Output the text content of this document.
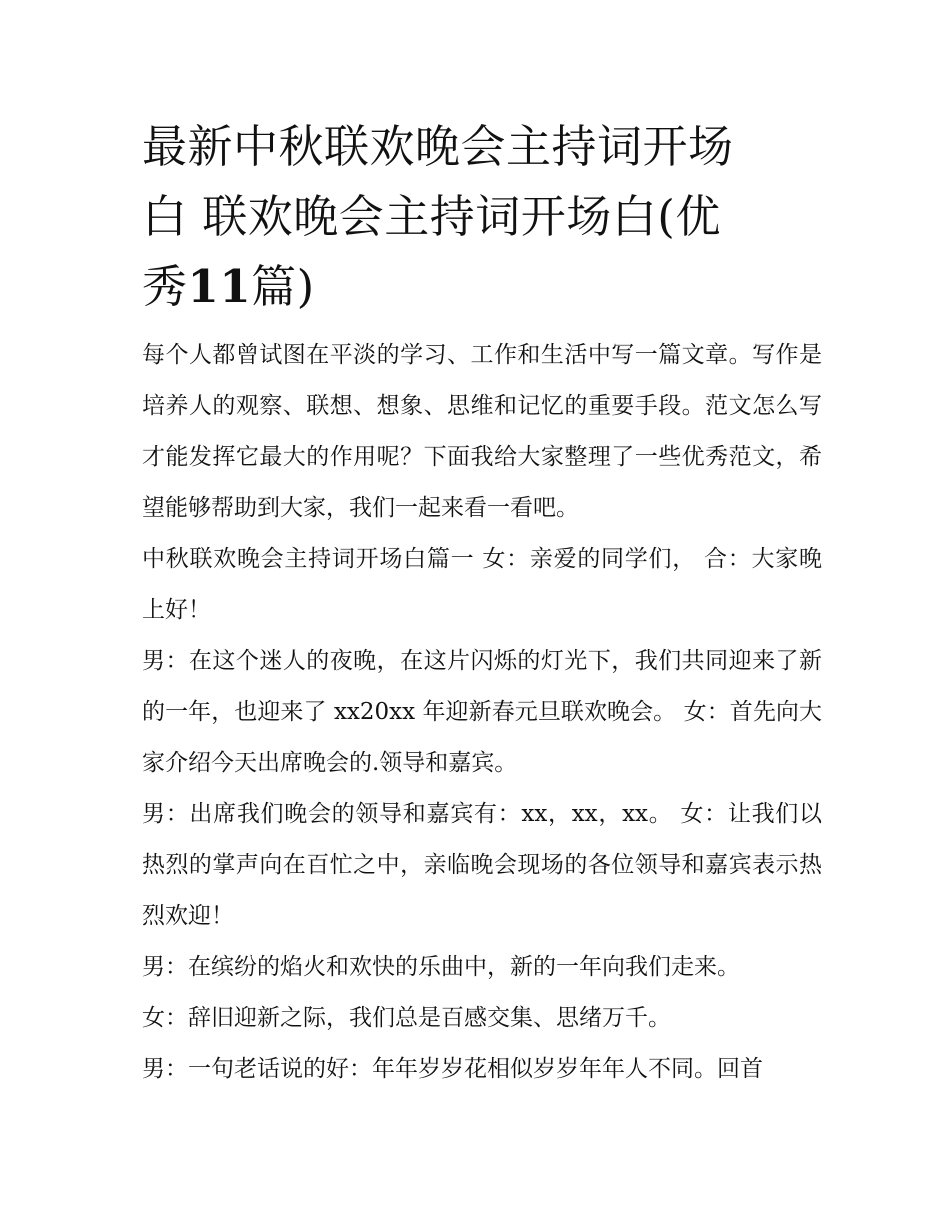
最新中秋联欢晚会主持词开场
白 联欢晚会主持词开场白(优
秀11篇)

每个人都曾试图在平淡的学习、工作和生活中写一篇文章。写作是培养人的观察、联想、想象、思维和记忆的重要手段。范文怎么写才能发挥它最大的作用呢？下面我给大家整理了一些优秀范文，希望能够帮助到大家，我们一起来看一看吧。

中秋联欢晚会主持词开场白篇一 女：亲爱的同学们， 合：大家晚上好！

男：在这个迷人的夜晚，在这片闪烁的灯光下，我们共同迎来了新的一年，也迎来了 xx20xx 年迎新春元旦联欢晚会。 女：首先向大家介绍今天出席晚会的.领导和嘉宾。

男：出席我们晚会的领导和嘉宾有：xx，xx，xx。 女：让我们以热烈的掌声向在百忙之中，亲临晚会现场的各位领导和嘉宾表示热烈欢迎！

男：在缤纷的焰火和欢快的乐曲中，新的一年向我们走来。

女：辞旧迎新之际，我们总是百感交集、思绪万千。

男：一句老话说的好：年年岁岁花相似岁岁年年人不同。回首
